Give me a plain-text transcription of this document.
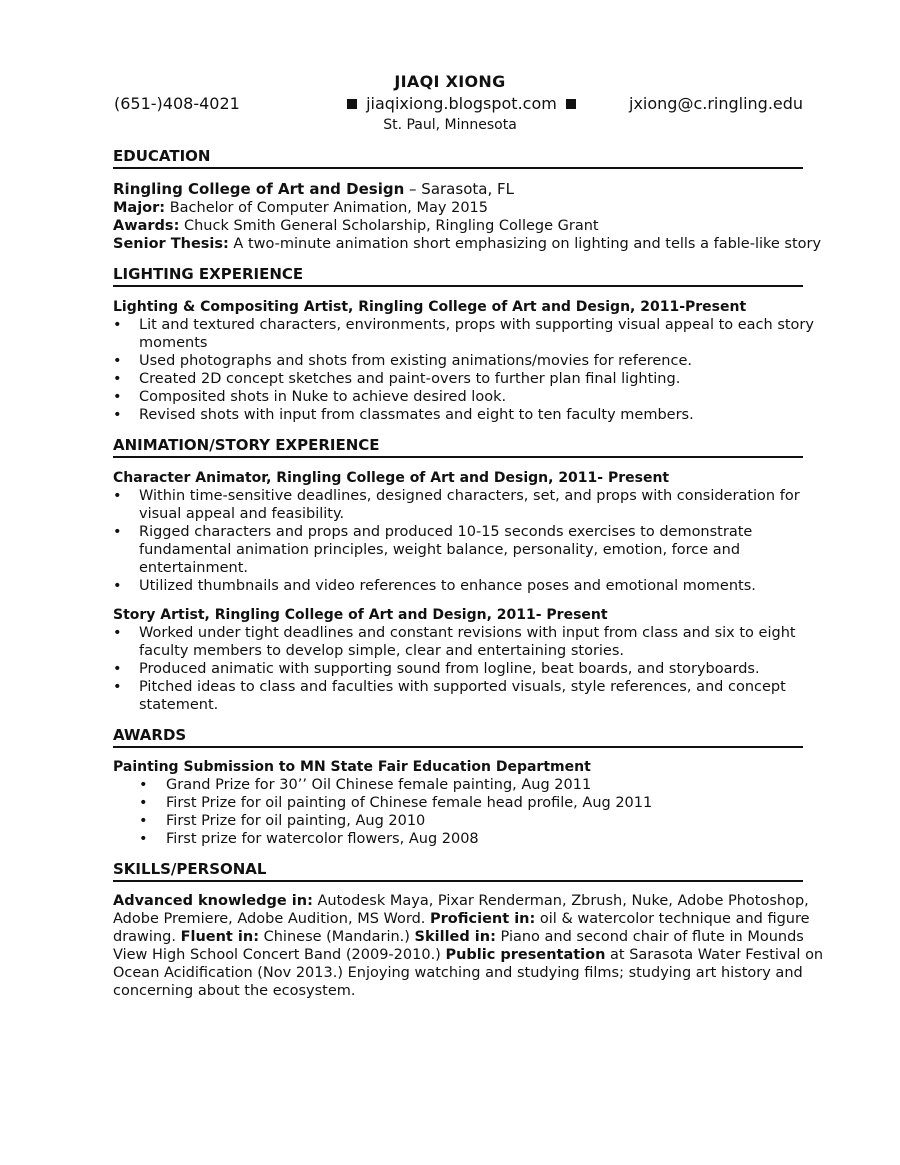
JIAQI XIONG
(651-)408-4021	jiaqixiong.blogspot.com	jxiong@c.ringling.edu
St. Paul, Minnesota
EDUCATION
Ringling College of Art and Design – Sarasota, FL
Major: Bachelor of Computer Animation, May 2015
Awards: Chuck Smith General Scholarship, Ringling College Grant
Senior Thesis: A two-minute animation short emphasizing on lighting and tells a fable-like story
LIGHTING EXPERIENCE
Lighting & Compositing Artist, Ringling College of Art and Design, 2011-Present
• Lit and textured characters, environments, props with supporting visual appeal to each story
moments
• Used photographs and shots from existing animations/movies for reference.
• Created 2D concept sketches and paint-overs to further plan final lighting.
• Composited shots in Nuke to achieve desired look.
• Revised shots with input from classmates and eight to ten faculty members.
ANIMATION/STORY EXPERIENCE
Character Animator, Ringling College of Art and Design, 2011- Present
• Within time-sensitive deadlines, designed characters, set, and props with consideration for
visual appeal and feasibility.
• Rigged characters and props and produced 10-15 seconds exercises to demonstrate
fundamental animation principles, weight balance, personality, emotion, force and
entertainment.
• Utilized thumbnails and video references to enhance poses and emotional moments.
Story Artist, Ringling College of Art and Design, 2011- Present
• Worked under tight deadlines and constant revisions with input from class and six to eight
faculty members to develop simple, clear and entertaining stories.
• Produced animatic with supporting sound from logline, beat boards, and storyboards.
• Pitched ideas to class and faculties with supported visuals, style references, and concept
statement.
AWARDS
Painting Submission to MN State Fair Education Department
• Grand Prize for 30’’ Oil Chinese female painting, Aug 2011
• First Prize for oil painting of Chinese female head profile, Aug 2011
• First Prize for oil painting, Aug 2010
• First prize for watercolor flowers, Aug 2008
SKILLS/PERSONAL
Advanced knowledge in: Autodesk Maya, Pixar Renderman, Zbrush, Nuke, Adobe Photoshop,
Adobe Premiere, Adobe Audition, MS Word. Proficient in: oil & watercolor technique and figure
drawing. Fluent in: Chinese (Mandarin.) Skilled in: Piano and second chair of flute in Mounds
View High School Concert Band (2009-2010.) Public presentation at Sarasota Water Festival on
Ocean Acidification (Nov 2013.) Enjoying watching and studying films; studying art history and
concerning about the ecosystem.
